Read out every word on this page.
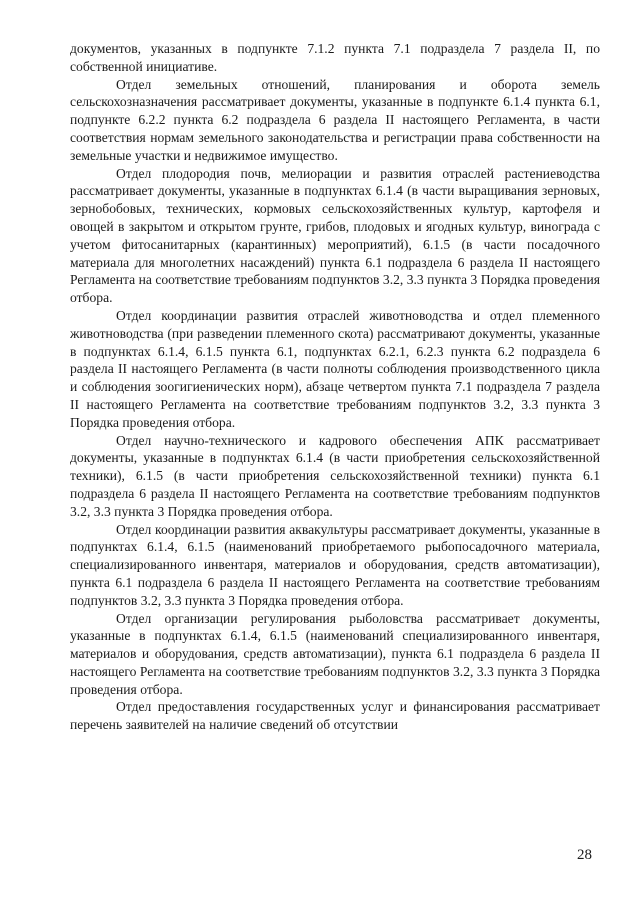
документов, указанных в подпункте 7.1.2 пункта 7.1 подраздела 7 раздела II, по собственной инициативе.

Отдел земельных отношений, планирования и оборота земель сельскохозназначения рассматривает документы, указанные в подпункте 6.1.4 пункта 6.1, подпункте 6.2.2 пункта 6.2 подраздела 6 раздела II настоящего Регламента, в части соответствия нормам земельного законодательства и регистрации права собственности на земельные участки и недвижимое имущество.

Отдел плодородия почв, мелиорации и развития отраслей растениеводства рассматривает документы, указанные в подпунктах 6.1.4 (в части выращивания зерновых, зернобобовых, технических, кормовых сельскохозяйственных культур, картофеля и овощей в закрытом и открытом грунте, грибов, плодовых и ягодных культур, винограда с учетом фитосанитарных (карантинных) мероприятий), 6.1.5 (в части посадочного материала для многолетних насаждений) пункта 6.1 подраздела 6 раздела II настоящего Регламента на соответствие требованиям подпунктов 3.2, 3.3 пункта 3 Порядка проведения отбора.

Отдел координации развития отраслей животноводства и отдел племенного животноводства (при разведении племенного скота) рассматривают документы, указанные в подпунктах 6.1.4, 6.1.5 пункта 6.1, подпунктах 6.2.1, 6.2.3 пункта 6.2 подраздела 6 раздела II настоящего Регламента (в части полноты соблюдения производственного цикла и соблюдения зоогигиенических норм), абзаце четвертом пункта 7.1 подраздела 7 раздела II настоящего Регламента на соответствие требованиям подпунктов 3.2, 3.3 пункта 3 Порядка проведения отбора.

Отдел научно-технического и кадрового обеспечения АПК рассматривает документы, указанные в подпунктах 6.1.4 (в части приобретения сельскохозяйственной техники), 6.1.5 (в части приобретения сельскохозяйственной техники) пункта 6.1 подраздела 6 раздела II настоящего Регламента на соответствие требованиям подпунктов 3.2, 3.3 пункта 3 Порядка проведения отбора.

Отдел координации развития аквакультуры рассматривает документы, указанные в подпунктах 6.1.4, 6.1.5 (наименований приобретаемого рыбопосадочного материала, специализированного инвентаря, материалов и оборудования, средств автоматизации), пункта 6.1 подраздела 6 раздела II настоящего Регламента на соответствие требованиям подпунктов 3.2, 3.3 пункта 3 Порядка проведения отбора.

Отдел организации регулирования рыболовства рассматривает документы, указанные в подпунктах 6.1.4, 6.1.5 (наименований специализированного инвентаря, материалов и оборудования, средств автоматизации), пункта 6.1 подраздела 6 раздела II настоящего Регламента на соответствие требованиям подпунктов 3.2, 3.3 пункта 3 Порядка проведения отбора.

Отдел предоставления государственных услуг и финансирования рассматривает перечень заявителей на наличие сведений об отсутствии

28
